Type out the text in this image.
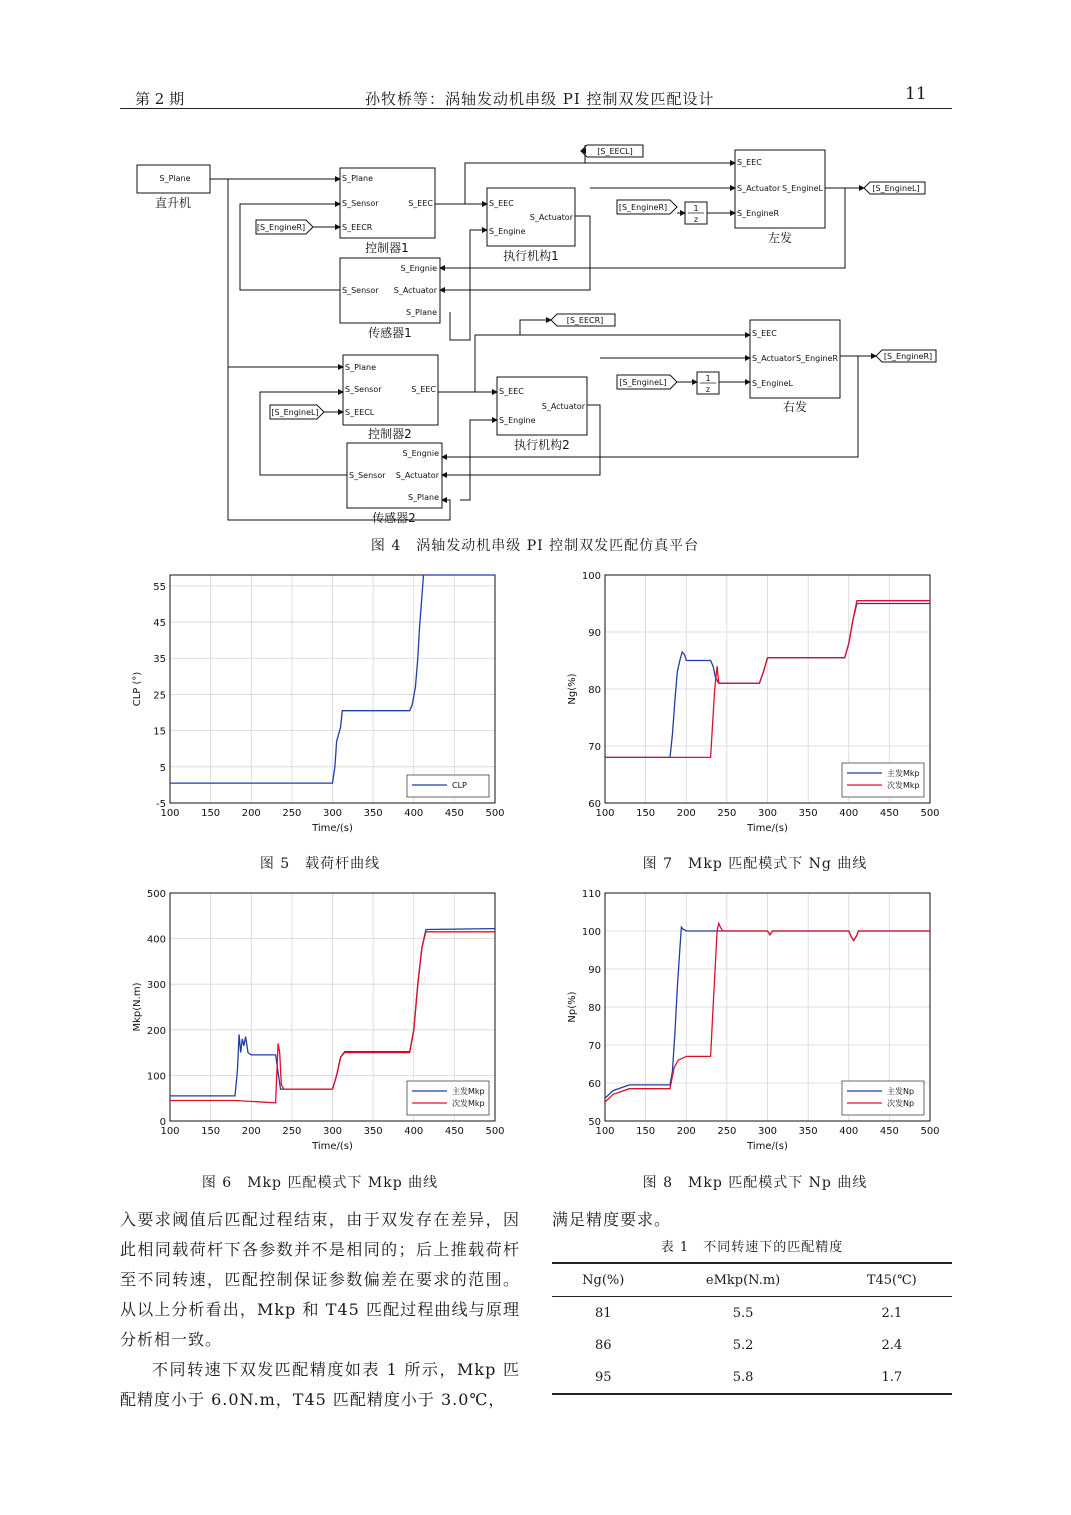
第 2 期	孙牧桥等：涡轴发动机串级 PI 控制双发匹配设计	11
S_Plane	S_Plane
S_Sensor	S_EEC
S_EECR
S_EEC
S_Actuator
S_Engine
S_Engnie
S_Sensor S_Actuator
S_Plane
S_EEC
S_Actuator S_EngineL
S_EngineR
S_Plane
S_Sensor	S_EEC
S_EECL
S_EEC
S_Actuator
S_Engine
S_Engnie
S_Sensor S_Actuator
S_Plane
S_EEC
S_Actuator S_EngineR
S_EngineL
[S_EECL]
[S_EECR]
[S_EngineL]
[S_EngineR]
[S_EngineR]
[S_EngineR]
[S_EngineL]
[S_EngineL]
1
z
1
z
直升机
控制器1
执行机构1
传感器1
左发
控制器2
执行机构2
传感器2
右发
图 4　涡轴发动机串级 PI 控制双发匹配仿真平台
100 150 200 250 300 350 400 450 500
-5
5
15
25
35
45
55
Time/(s)
CLP (°)
CLP
100 150 200 250 300 350 400 450 500
60
70
80
90
100
Time/(s)
Ng(%)
主发Mkp
次发Mkp
图 5　载荷杆曲线	图 7　Mkp 匹配模式下 Ng 曲线
100 150 200 250 300 350 400 450 500
0
100
200
300
400
500
Time/(s)
Mkp(N.m)
主发Mkp
次发Mkp
100 150 200 250 300 350 400 450 500
50
60
70
80
90
100
110
Time/(s)
Np(%)
主发Np
次发Np
图 6　Mkp 匹配模式下 Mkp 曲线	图 8　Mkp 匹配模式下 Np 曲线
入要求阈值后匹配过程结束，由于双发存在差异，因此相同载荷杆下各参数并不是相同的；后上推载荷杆至不同转速，匹配控制保证参数偏差在要求的范围。从以上分析看出，Mkp 和 T45 匹配过程曲线与原理分析相一致。
不同转速下双发匹配精度如表 1 所示，Mkp 匹配精度小于 6.0N.m，T45 匹配精度小于 3.0℃，
满足精度要求。
表 1　不同转速下的匹配精度
Ng(%)	eMkp(N.m)	T45(℃)
81	5.5	2.1
86	5.2	2.4
95	5.8	1.7
